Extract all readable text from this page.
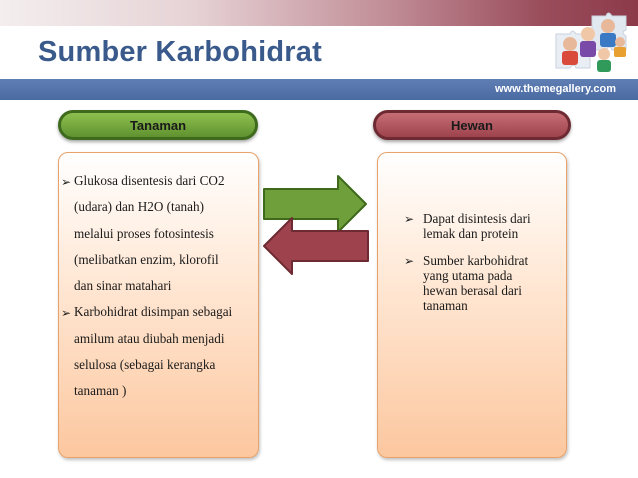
Sumber Karbohidrat
www.themegallery.com
Tanaman	Hewan
➢ Glukosa disentesis dari CO2
(udara) dan H2O (tanah)
melalui proses fotosintesis
(melibatkan enzim, klorofil
dan sinar matahari
➢ Karbohidrat disimpan sebagai
amilum atau diubah menjadi
selulosa (sebagai kerangka
tanaman )
➢ Dapat disintesis dari
lemak dan protein
➢ Sumber karbohidrat
yang utama pada
hewan berasal dari
tanaman
